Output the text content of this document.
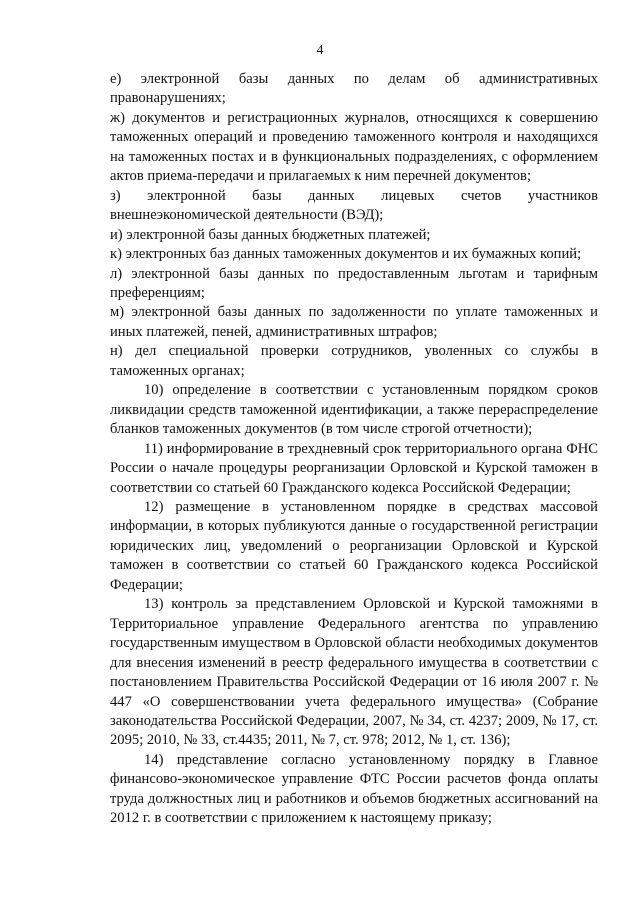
4

е) электронной базы данных по делам об административных правонарушениях;

ж) документов и регистрационных журналов, относящихся к совершению таможенных операций и проведению таможенного контроля и находящихся на таможенных постах и в функциональных подразделениях, с оформлением актов приема-передачи и прилагаемых к ним перечней документов;

з) электронной базы данных лицевых счетов участников внешнеэкономической деятельности (ВЭД);

и) электронной базы данных бюджетных платежей;

к) электронных баз данных таможенных документов и их бумажных копий;

л) электронной базы данных по предоставленным льготам и тарифным преференциям;

м) электронной базы данных по задолженности по уплате таможенных и иных платежей, пеней, административных штрафов;

н) дел специальной проверки сотрудников, уволенных со службы в таможенных органах;

10) определение в соответствии с установленным порядком сроков ликвидации средств таможенной идентификации, а также перераспределение бланков таможенных документов (в том числе строгой отчетности);

11) информирование в трехдневный срок территориального органа ФНС России о начале процедуры реорганизации Орловской и Курской таможен в соответствии со статьей 60 Гражданского кодекса Российской Федерации;

12) размещение в установленном порядке в средствах массовой информации, в которых публикуются данные о государственной регистрации юридических лиц, уведомлений о реорганизации Орловской и Курской таможен в соответствии со статьей 60 Гражданского кодекса Российской Федерации;

13) контроль за представлением Орловской и Курской таможнями в Территориальное управление Федерального агентства по управлению государственным имуществом в Орловской области необходимых документов для внесения изменений в реестр федерального имущества в соответствии с постановлением Правительства Российской Федерации от 16 июля 2007 г. № 447 «О совершенствовании учета федерального имущества» (Собрание законодательства Российской Федерации, 2007, № 34, ст. 4237; 2009, № 17, ст. 2095; 2010, № 33, ст.4435; 2011, № 7, ст. 978; 2012, № 1, ст. 136);

14) представление согласно установленному порядку в Главное финансово-экономическое управление ФТС России расчетов фонда оплаты труда должностных лиц и работников и объемов бюджетных ассигнований на 2012 г. в соответствии с приложением к настоящему приказу;
